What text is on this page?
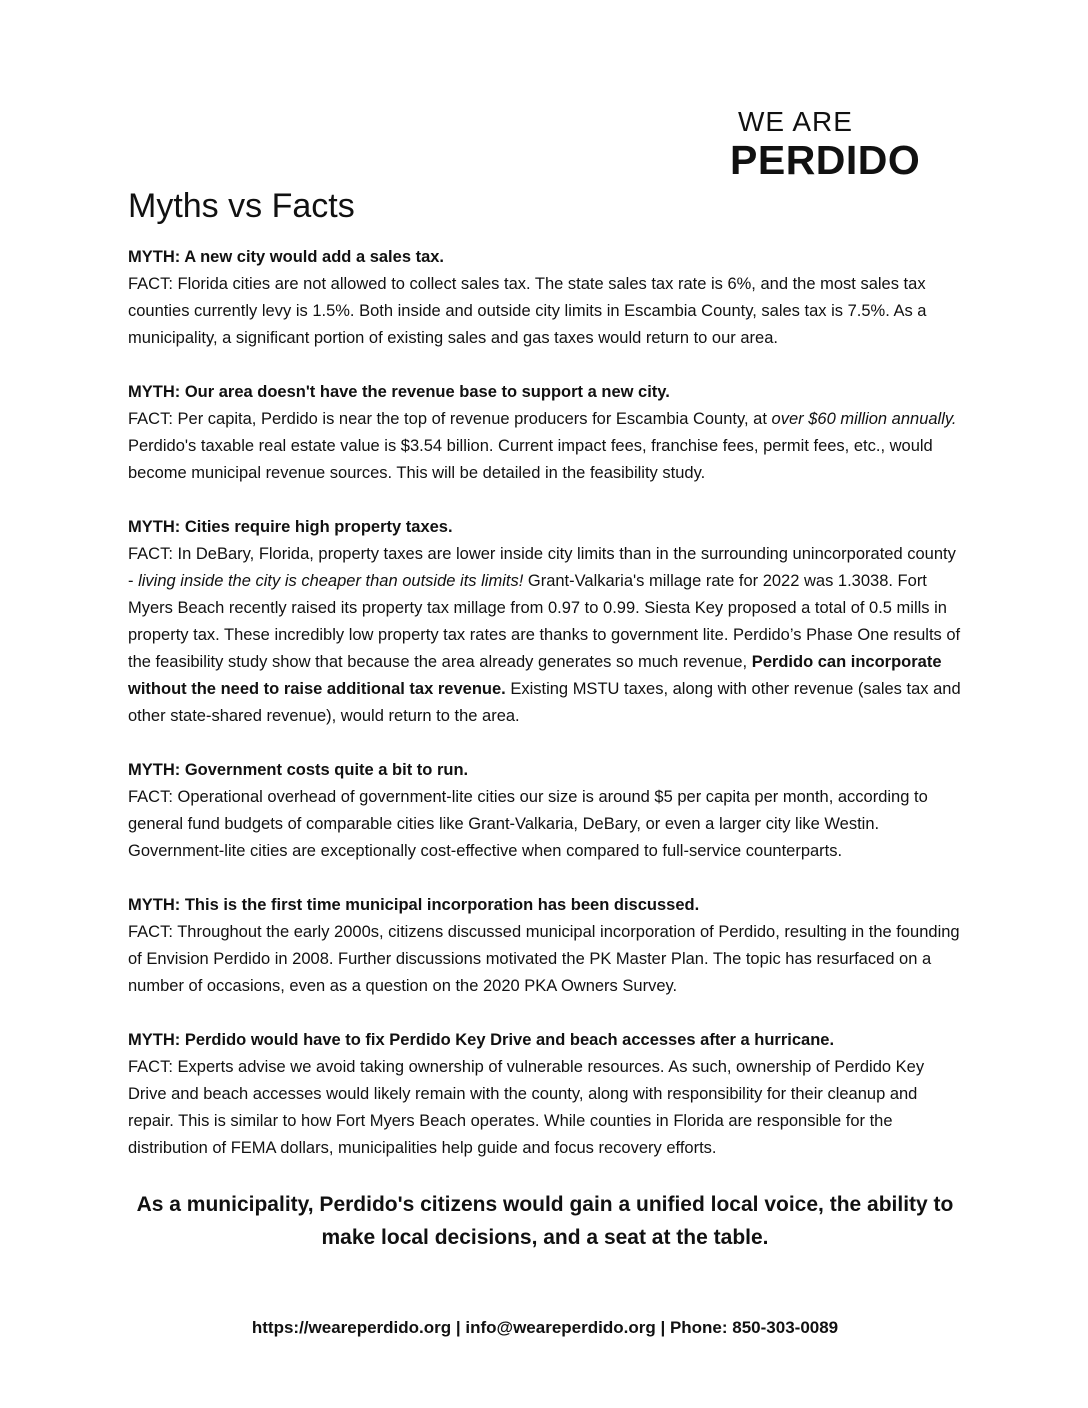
WE ARE
PERDIDO
Myths vs Facts
MYTH: A new city would add a sales tax.
FACT: Florida cities are not allowed to collect sales tax. The state sales tax rate is 6%, and the most sales tax counties currently levy is 1.5%. Both inside and outside city limits in Escambia County, sales tax is 7.5%. As a municipality, a significant portion of existing sales and gas taxes would return to our area.
MYTH: Our area doesn't have the revenue base to support a new city.
FACT: Per capita, Perdido is near the top of revenue producers for Escambia County, at over $60 million annually. Perdido's taxable real estate value is $3.54 billion. Current impact fees, franchise fees, permit fees, etc., would become municipal revenue sources. This will be detailed in the feasibility study.
MYTH: Cities require high property taxes.
FACT: In DeBary, Florida, property taxes are lower inside city limits than in the surrounding unincorporated county - living inside the city is cheaper than outside its limits! Grant-Valkaria's millage rate for 2022 was 1.3038. Fort Myers Beach recently raised its property tax millage from 0.97 to 0.99. Siesta Key proposed a total of 0.5 mills in property tax. These incredibly low property tax rates are thanks to government lite. Perdido’s Phase One results of the feasibility study show that because the area already generates so much revenue, Perdido can incorporate without the need to raise additional tax revenue. Existing MSTU taxes, along with other revenue (sales tax and other state-shared revenue), would return to the area.
MYTH: Government costs quite a bit to run.
FACT: Operational overhead of government-lite cities our size is around $5 per capita per month, according to general fund budgets of comparable cities like Grant-Valkaria, DeBary, or even a larger city like Westin. Government-lite cities are exceptionally cost-effective when compared to full-service counterparts.
MYTH: This is the first time municipal incorporation has been discussed.
FACT: Throughout the early 2000s, citizens discussed municipal incorporation of Perdido, resulting in the founding of Envision Perdido in 2008. Further discussions motivated the PK Master Plan. The topic has resurfaced on a number of occasions, even as a question on the 2020 PKA Owners Survey.
MYTH: Perdido would have to fix Perdido Key Drive and beach accesses after a hurricane.
FACT: Experts advise we avoid taking ownership of vulnerable resources. As such, ownership of Perdido Key Drive and beach accesses would likely remain with the county, along with responsibility for their cleanup and repair. This is similar to how Fort Myers Beach operates. While counties in Florida are responsible for the distribution of FEMA dollars, municipalities help guide and focus recovery efforts.

As a municipality, Perdido's citizens would gain a unified local voice, the ability to make local decisions, and a seat at the table.

https://weareperdido.org | info@weareperdido.org | Phone: 850-303-0089
